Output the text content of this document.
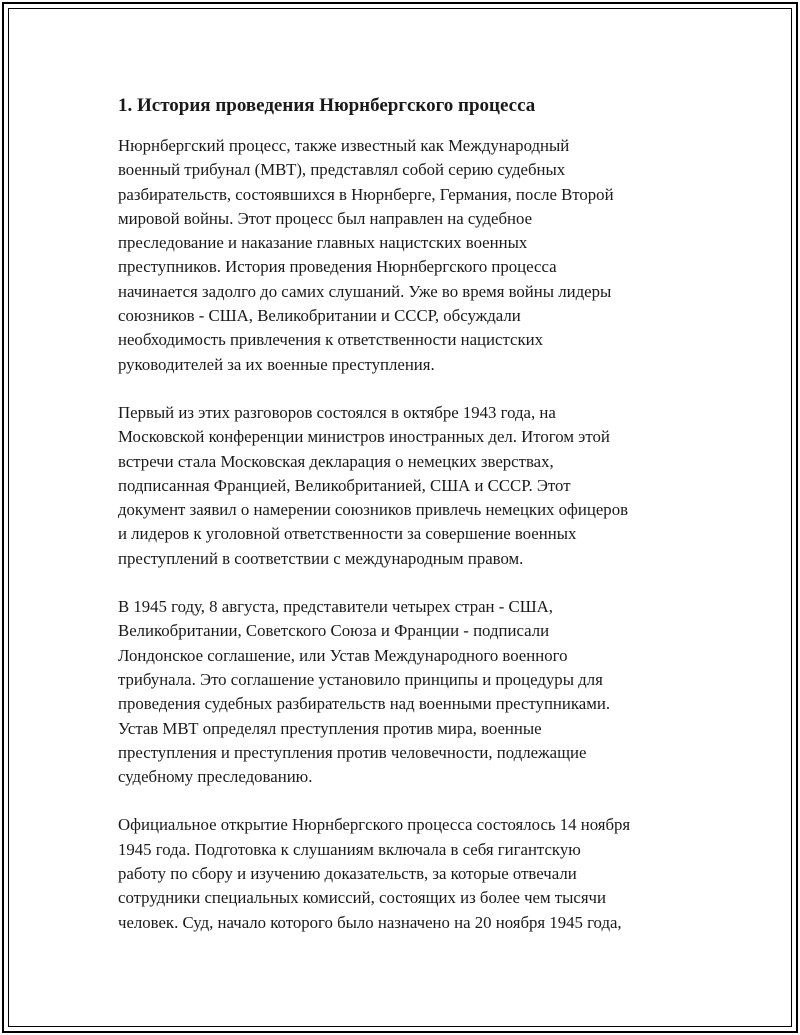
1. История проведения Нюрнбергского процесса
Нюрнбергский процесс, также известный как Международный
военный трибунал (МВТ), представлял собой серию судебных
разбирательств, состоявшихся в Нюрнберге, Германия, после Второй
мировой войны. Этот процесс был направлен на судебное
преследование и наказание главных нацистских военных
преступников. История проведения Нюрнбергского процесса
начинается задолго до самих слушаний. Уже во время войны лидеры
союзников - США, Великобритании и СССР, обсуждали
необходимость привлечения к ответственности нацистских
руководителей за их военные преступления.
Первый из этих разговоров состоялся в октябре 1943 года, на
Московской конференции министров иностранных дел. Итогом этой
встречи стала Московская декларация о немецких зверствах,
подписанная Францией, Великобританией, США и СССР. Этот
документ заявил о намерении союзников привлечь немецких офицеров
и лидеров к уголовной ответственности за совершение военных
преступлений в соответствии с международным правом.
В 1945 году, 8 августа, представители четырех стран - США,
Великобритании, Советского Союза и Франции - подписали
Лондонское соглашение, или Устав Международного военного
трибунала. Это соглашение установило принципы и процедуры для
проведения судебных разбирательств над военными преступниками.
Устав МВТ определял преступления против мира, военные
преступления и преступления против человечности, подлежащие
судебному преследованию.
Официальное открытие Нюрнбергского процесса состоялось 14 ноября
1945 года. Подготовка к слушаниям включала в себя гигантскую
работу по сбору и изучению доказательств, за которые отвечали
сотрудники специальных комиссий, состоящих из более чем тысячи
человек. Суд, начало которого было назначено на 20 ноября 1945 года,
